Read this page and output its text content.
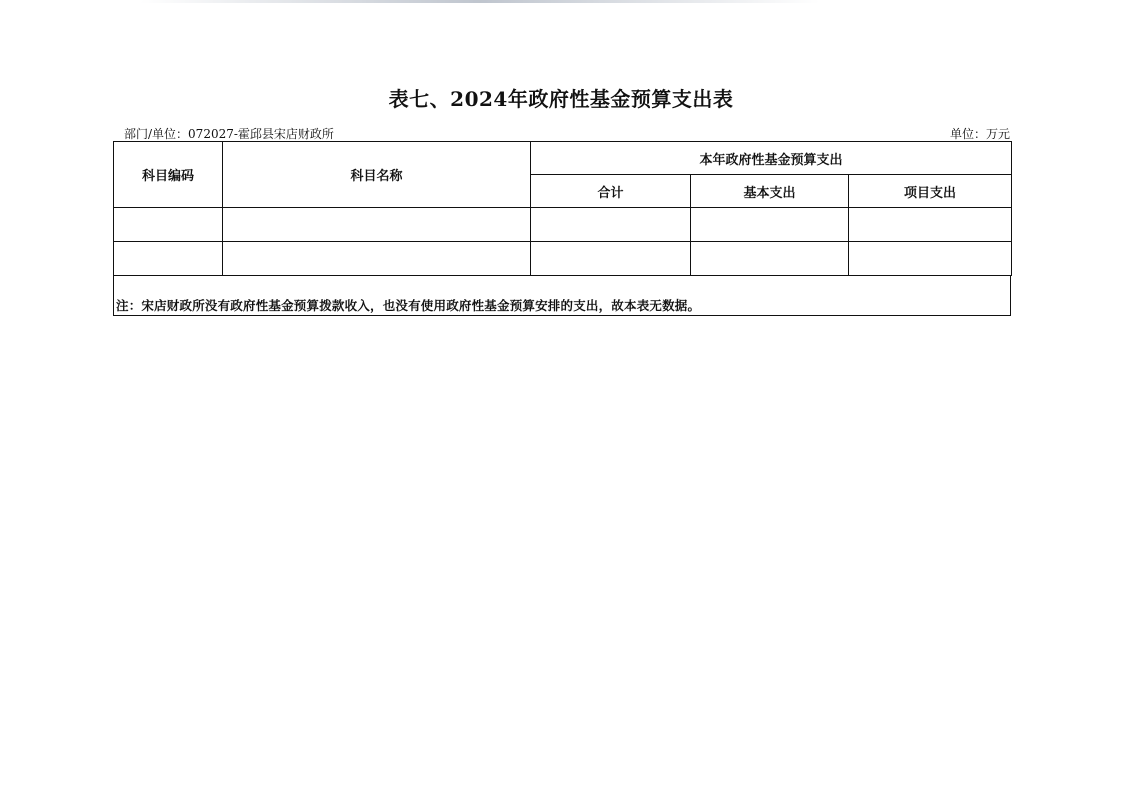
表七、2024年政府性基金预算支出表
部门/单位：072027-霍邱县宋店财政所	单位：万元
科目编码	科目名称	本年政府性基金预算支出		
		合计	基本支出	项目支出

注：宋店财政所没有政府性基金预算拨款收入，也没有使用政府性基金预算安排的支出，故本表无数据。
